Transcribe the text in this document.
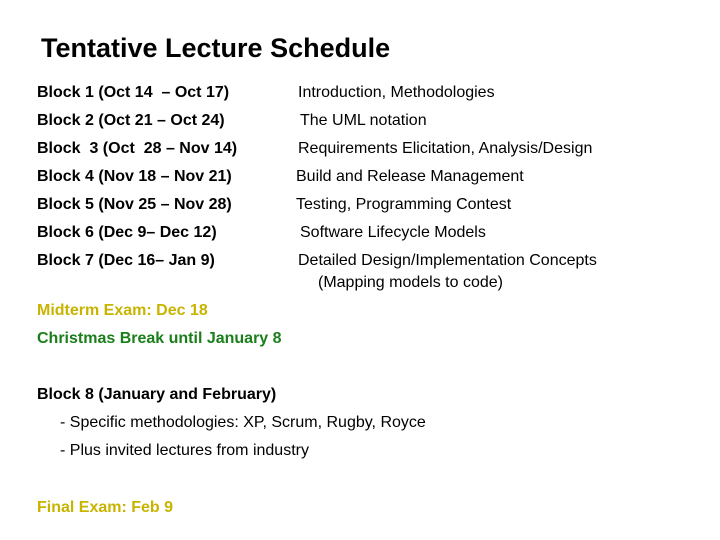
Tentative Lecture Schedule
Block 1 (Oct 14  – Oct 17)	Introduction, Methodologies
Block 2 (Oct 21 – Oct 24)	The UML notation
Block  3 (Oct  28 – Nov 14)	Requirements Elicitation, Analysis/Design
Block 4 (Nov 18 – Nov 21)	Build and Release Management
Block 5 (Nov 25 – Nov 28)	Testing, Programming Contest
Block 6 (Dec 9– Dec 12)	Software Lifecycle Models
Block 7 (Dec 16– Jan 9)	Detailed Design/Implementation Concepts
(Mapping models to code)
Midterm Exam: Dec 18
Christmas Break until January 8
Block 8 (January and February)
- Specific methodologies: XP, Scrum, Rugby, Royce
- Plus invited lectures from industry
Final Exam: Feb 9
